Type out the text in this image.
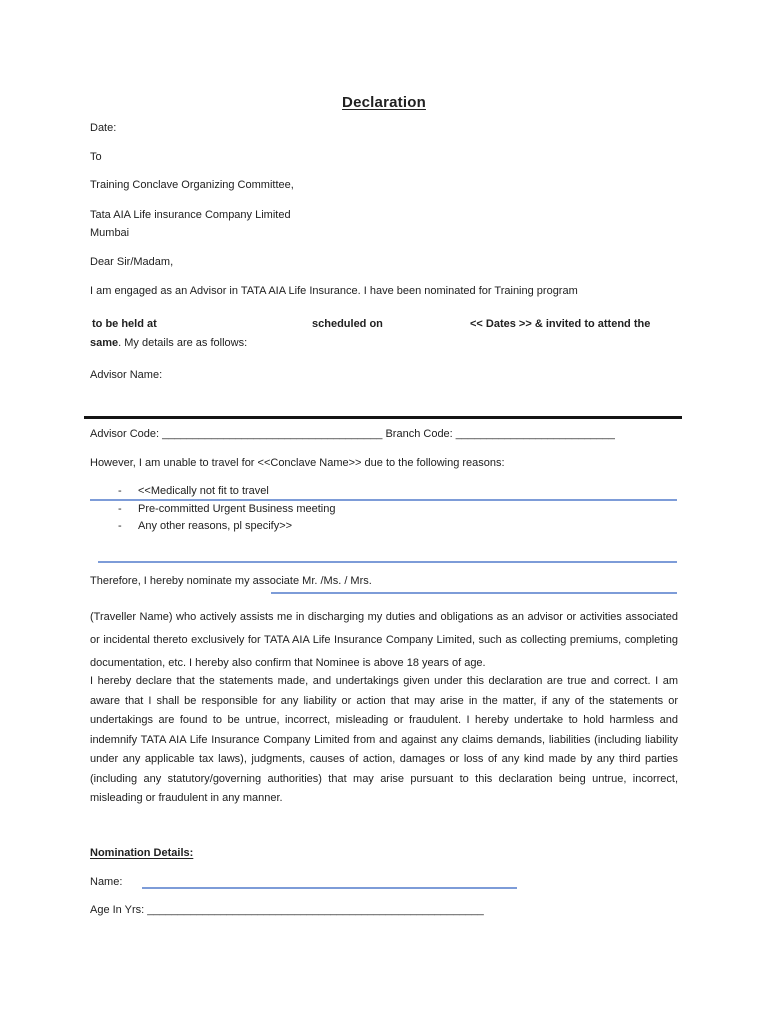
Declaration
Date:
To
Training Conclave Organizing Committee,
Tata AIA Life insurance Company Limited
Mumbai
Dear Sir/Madam,
I am engaged as an Advisor in TATA AIA Life Insurance. I have been nominated for Training program
to be held at	scheduled on	<< Dates >> & invited to attend the
same. My details are as follows:
Advisor Name:
Advisor Code: ____________________________________ Branch Code: __________________________
However, I am unable to travel for <<Conclave Name>> due to the following reasons:
- <<Medically not fit to travel
- Pre-committed Urgent Business meeting
- Any other reasons, pl specify>>
Therefore, I hereby nominate my associate Mr. /Ms. / Mrs.
(Traveller Name) who actively assists me in discharging my duties and obligations as an advisor or activities associated or incidental thereto exclusively for TATA AIA Life Insurance Company Limited, such as collecting premiums, completing documentation, etc. I hereby also confirm that Nominee is above 18 years of age.
I hereby declare that the statements made, and undertakings given under this declaration are true and correct. I am aware that I shall be responsible for any liability or action that may arise in the matter, if any of the statements or undertakings are found to be untrue, incorrect, misleading or fraudulent. I hereby undertake to hold harmless and indemnify TATA AIA Life Insurance Company Limited from and against any claims demands, liabilities (including liability under any applicable tax laws), judgments, causes of action, damages or loss of any kind made by any third parties (including any statutory/governing authorities) that may arise pursuant to this declaration being untrue, incorrect, misleading or fraudulent in any manner.
Nomination Details:
Name:
Age In Yrs: _______________________________________________________
